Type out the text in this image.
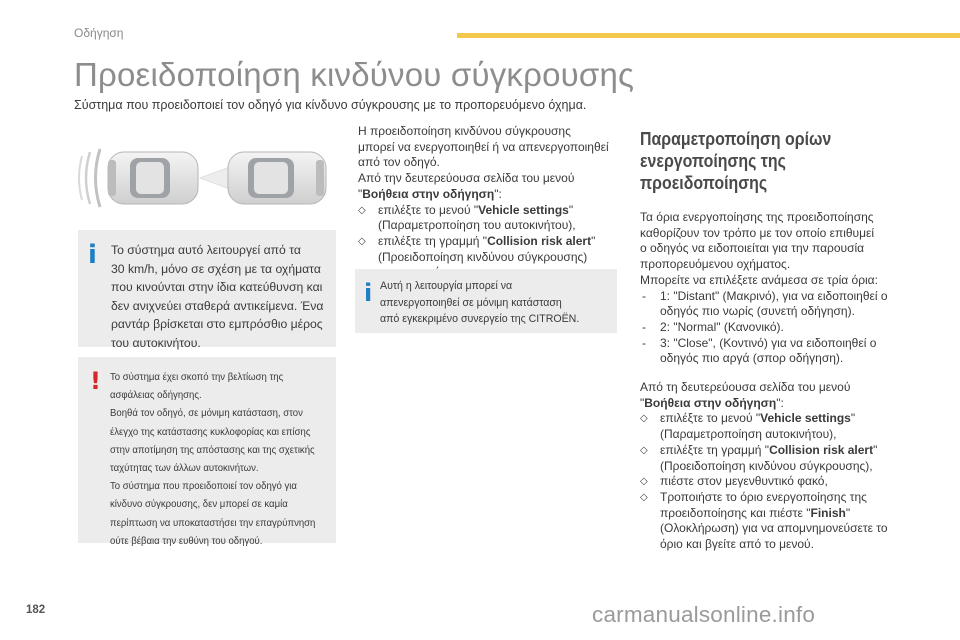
Οδήγηση
Προειδοποίηση κινδύνου σύγκρουσης
Σύστημα που προειδοποιεί τον οδηγό για κίνδυνο σύγκρουσης με το προπορευόμενο όχημα.
i Το σύστημα αυτό λειτουργεί από τα
30 km/h, μόνο σε σχέση με τα οχήματα
που κινούνται στην ίδια κατεύθυνση και
δεν ανιχνεύει σταθερά αντικείμενα. Ένα
ραντάρ βρίσκεται στο εμπρόσθιο μέρος
του αυτοκινήτου.
! Το σύστημα έχει σκοπό την βελτίωση της
ασφάλειας οδήγησης.
Βοηθά τον οδηγό, σε μόνιμη κατάσταση, στον
έλεγχο της κατάστασης κυκλοφορίας και επίσης
στην αποτίμηση της απόστασης και της σχετικής
ταχύτητας των άλλων αυτοκινήτων.
Το σύστημα που προειδοποιεί τον οδηγό για
κίνδυνο σύγκρουσης, δεν μπορεί σε καμία
περίπτωση να υποκαταστήσει την επαγρύπνηση
ούτε βέβαια την ευθύνη του οδηγού.

Η προειδοποίηση κινδύνου σύγκρουσης

μπορεί να ενεργοποιηθεί ή να απενεργοποιηθεί

από τον οδηγό.

Από την δευτερεύουσα σελίδα του μενού

"Βοήθεια στην οδήγηση":

◇ επιλέξτε το μενού "Vehicle settings"
(Παραμετροποίηση του αυτοκινήτου),
◇ επιλέξτε τη γραμμή "Collision risk alert"
(Προειδοποίηση κινδύνου σύγκρουσης)

i Αυτή η λειτουργία μπορεί να
απενεργοποιηθεί σε μόνιμη κατάσταση
από εγκεκριμένο συνεργείο της CITROËN.
Παραμετροποίηση ορίων
ενεργοποίησης της προειδοποίησης

Τα όρια ενεργοποίησης της προειδοποίησης

καθορίζουν τον τρόπο με τον οποίο επιθυμεί

ο οδηγός να ειδοποιείται για την παρουσία

προπορευόμενου οχήματος.

Μπορείτε να επιλέξετε ανάμεσα σε τρία όρια:

- 1: "Distant" (Μακρινό), για να ειδοποιηθεί ο
οδηγός πιο νωρίς (συνετή οδήγηση).
- 2: "Normal" (Κανονικό).
- 3: "Close", (Κοντινό) για να ειδοποιηθεί ο
οδηγός πιο αργά (σπορ οδήγηση).

Από τη δευτερεύουσα σελίδα του μενού

"Βοήθεια στην οδήγηση":

◇ επιλέξτε το μενού "Vehicle settings"
(Παραμετροποίηση αυτοκινήτου),
◇ επιλέξτε τη γραμμή "Collision risk alert"
(Προειδοποίηση κινδύνου σύγκρουσης),
◇ πιέστε στον μεγενθυντικό φακό,
◇ Τροποιήστε το όριο ενεργοποίησης της
προειδοποίησης και πιέστε "Finish"
(Ολοκλήρωση) για να απομνημονεύσετε το
όριο και βγείτε από το μενού.
182	carmanualsonline.info
